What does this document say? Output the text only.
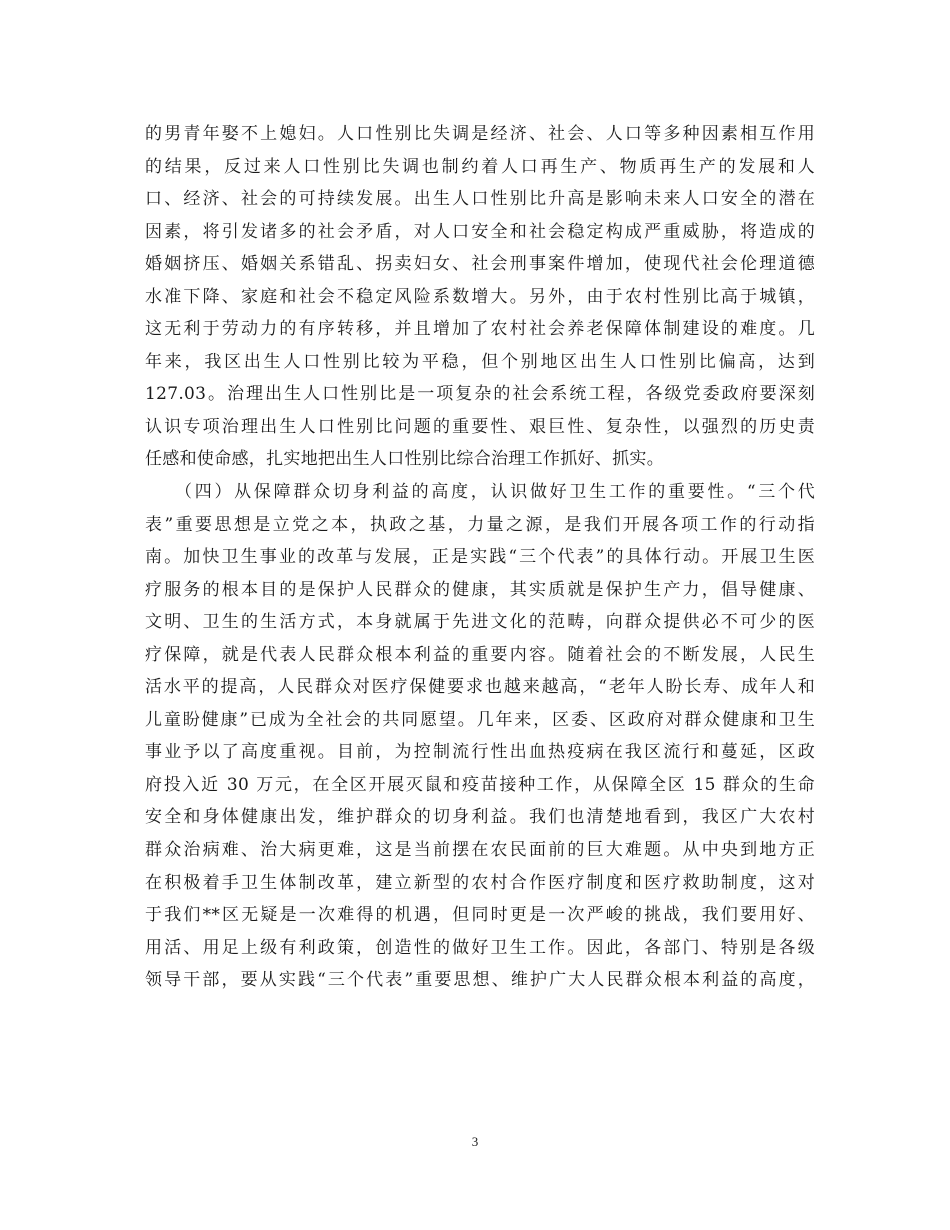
的男青年娶不上媳妇。人口性别比失调是经济、社会、人口等多种因素相互作用
的结果，反过来人口性别比失调也制约着人口再生产、物质再生产的发展和人
口、经济、社会的可持续发展。出生人口性别比升高是影响未来人口安全的潜在
因素，将引发诸多的社会矛盾，对人口安全和社会稳定构成严重威胁，将造成的
婚姻挤压、婚姻关系错乱、拐卖妇女、社会刑事案件增加，使现代社会伦理道德
水准下降、家庭和社会不稳定风险系数增大。另外，由于农村性别比高于城镇，
这无利于劳动力的有序转移，并且增加了农村社会养老保障体制建设的难度。几
年来，我区出生人口性别比较为平稳，但个别地区出生人口性别比偏高，达到
127.03。治理出生人口性别比是一项复杂的社会系统工程，各级党委政府要深刻
认识专项治理出生人口性别比问题的重要性、艰巨性、复杂性，以强烈的历史责
任感和使命感，扎实地把出生人口性别比综合治理工作抓好、抓实。
（四）从保障群众切身利益的高度，认识做好卫生工作的重要性。“三个代
表”重要思想是立党之本，执政之基，力量之源，是我们开展各项工作的行动指
南。加快卫生事业的改革与发展，正是实践“三个代表”的具体行动。开展卫生医
疗服务的根本目的是保护人民群众的健康，其实质就是保护生产力，倡导健康、
文明、卫生的生活方式，本身就属于先进文化的范畴，向群众提供必不可少的医
疗保障，就是代表人民群众根本利益的重要内容。随着社会的不断发展，人民生
活水平的提高，人民群众对医疗保健要求也越来越高，“老年人盼长寿、成年人和
儿童盼健康”已成为全社会的共同愿望。几年来，区委、区政府对群众健康和卫生
事业予以了高度重视。目前，为控制流行性出血热疫病在我区流行和蔓延，区政
府投入近 30 万元，在全区开展灭鼠和疫苗接种工作，从保障全区 15 群众的生命
安全和身体健康出发，维护群众的切身利益。我们也清楚地看到，我区广大农村
群众治病难、治大病更难，这是当前摆在农民面前的巨大难题。从中央到地方正
在积极着手卫生体制改革，建立新型的农村合作医疗制度和医疗救助制度，这对
于我们**区无疑是一次难得的机遇，但同时更是一次严峻的挑战，我们要用好、
用活、用足上级有利政策，创造性的做好卫生工作。因此，各部门、特别是各级
领导干部，要从实践“三个代表”重要思想、维护广大人民群众根本利益的高度，
3
